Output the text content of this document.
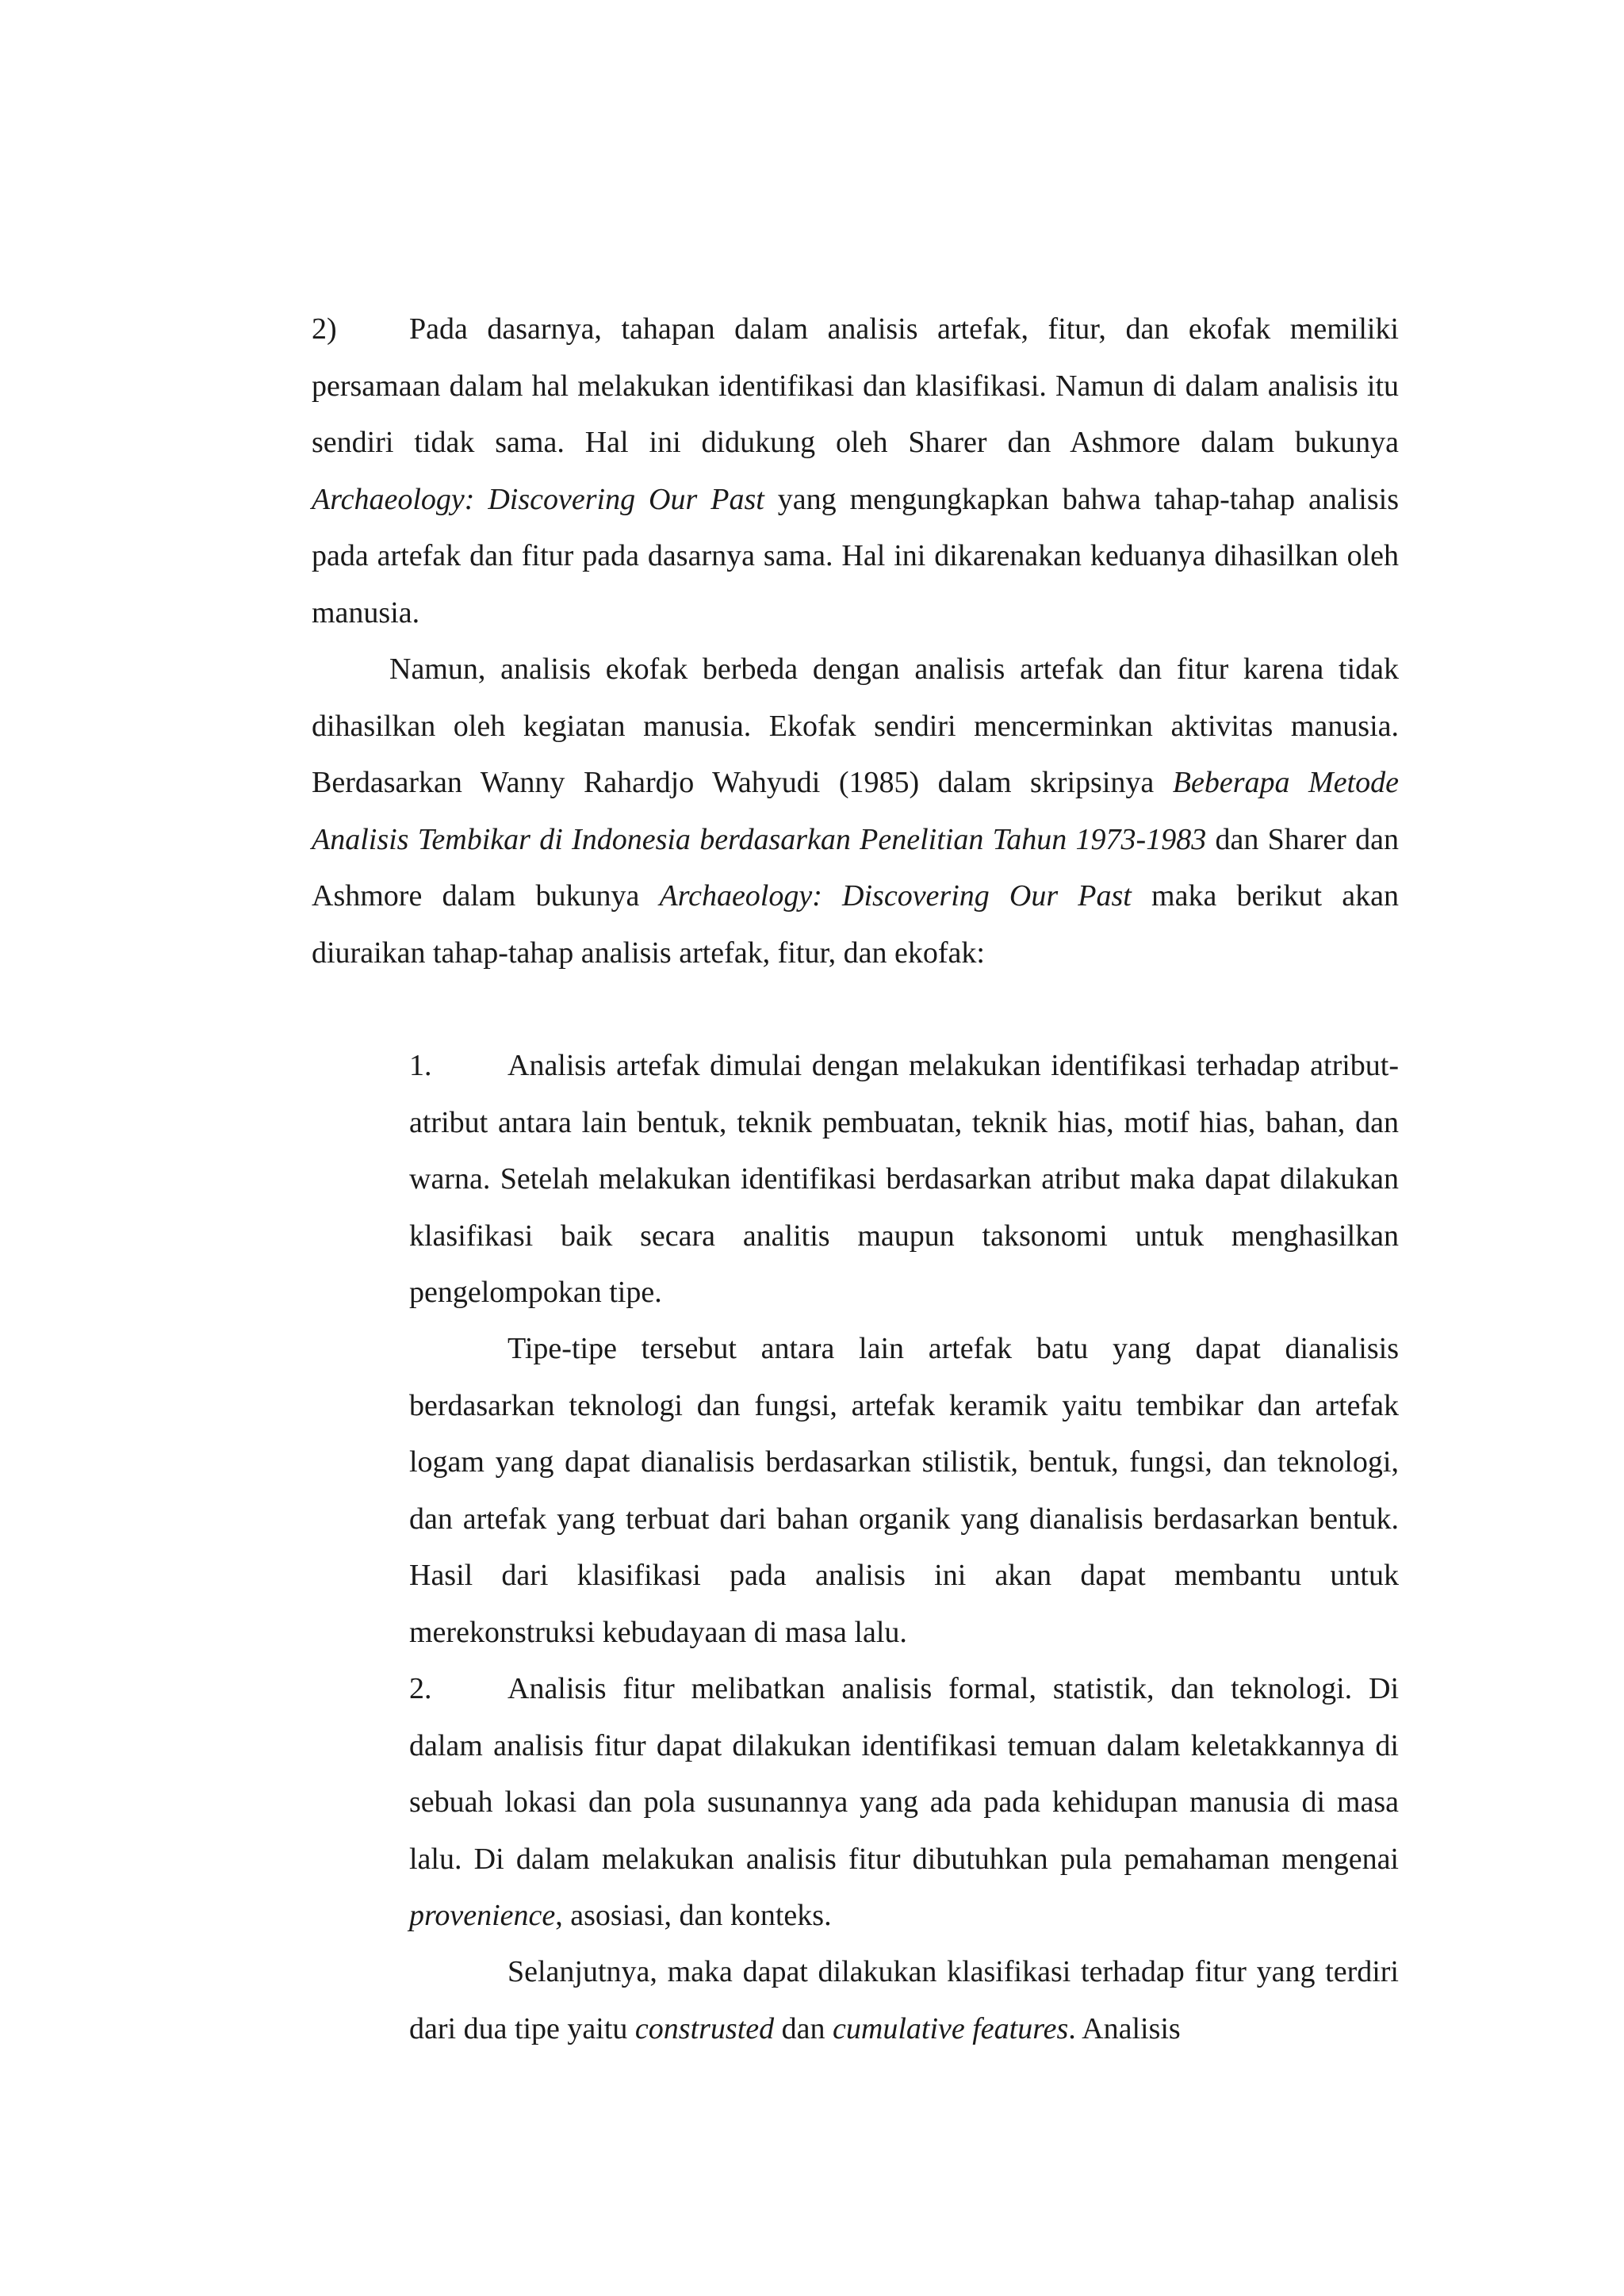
2) Pada dasarnya, tahapan dalam analisis artefak, fitur, dan ekofak memiliki persamaan dalam hal melakukan identifikasi dan klasifikasi. Namun di dalam analisis itu sendiri tidak sama. Hal ini didukung oleh Sharer dan Ashmore dalam bukunya Archaeology: Discovering Our Past yang mengungkapkan bahwa tahap-tahap analisis pada artefak dan fitur pada dasarnya sama. Hal ini dikarenakan keduanya dihasilkan oleh manusia.
Namun, analisis ekofak berbeda dengan analisis artefak dan fitur karena tidak dihasilkan oleh kegiatan manusia. Ekofak sendiri mencerminkan aktivitas manusia. Berdasarkan Wanny Rahardjo Wahyudi (1985) dalam skripsinya Beberapa Metode Analisis Tembikar di Indonesia berdasarkan Penelitian Tahun 1973-1983 dan Sharer dan Ashmore dalam bukunya Archaeology: Discovering Our Past maka berikut akan diuraikan tahap-tahap analisis artefak, fitur, dan ekofak:
1.	Analisis artefak dimulai dengan melakukan identifikasi terhadap atribut-atribut antara lain bentuk, teknik pembuatan, teknik hias, motif hias, bahan, dan warna. Setelah melakukan identifikasi berdasarkan atribut maka dapat dilakukan klasifikasi baik secara analitis maupun taksonomi untuk menghasilkan pengelompokan tipe.
Tipe-tipe tersebut antara lain artefak batu yang dapat dianalisis berdasarkan teknologi dan fungsi, artefak keramik yaitu tembikar dan artefak logam yang dapat dianalisis berdasarkan stilistik, bentuk, fungsi, dan teknologi, dan artefak yang terbuat dari bahan organik yang dianalisis berdasarkan bentuk. Hasil dari klasifikasi pada analisis ini akan dapat membantu untuk merekonstruksi kebudayaan di masa lalu.
2.	Analisis fitur melibatkan analisis formal, statistik, dan teknologi. Di dalam analisis fitur dapat dilakukan identifikasi temuan dalam keletakkannya di sebuah lokasi dan pola susunannya yang ada pada kehidupan manusia di masa lalu. Di dalam melakukan analisis fitur dibutuhkan pula pemahaman mengenai provenience, asosiasi, dan konteks.
Selanjutnya, maka dapat dilakukan klasifikasi terhadap fitur yang terdiri dari dua tipe yaitu construsted dan cumulative features. Analisis
